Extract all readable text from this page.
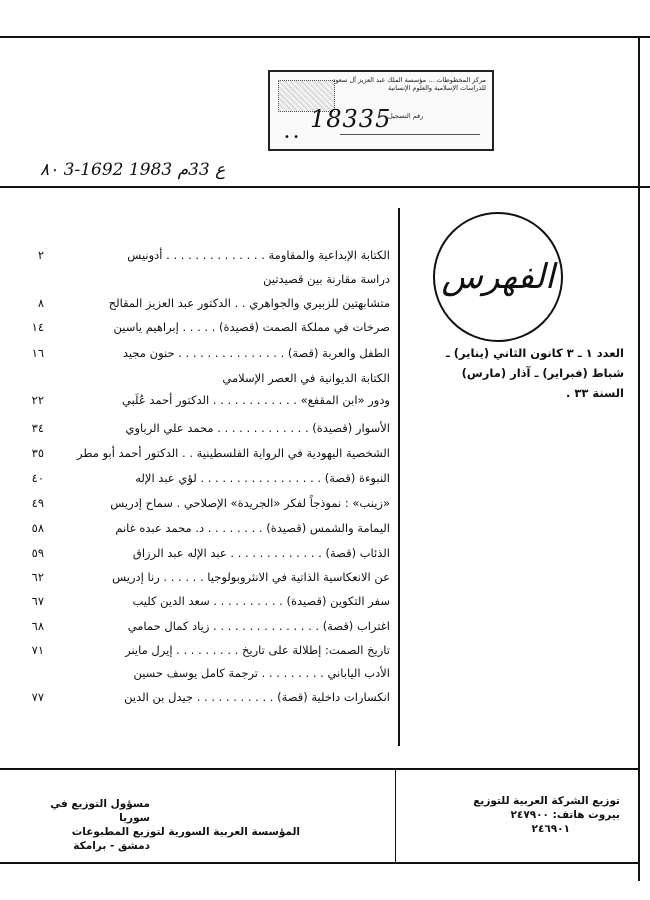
مركز المخطوطات ... مؤسسة الملك عبد العزيز آل سعود للدراسات الإسلامية والعلوم الإنسانية
رقم التسجيل
18335
• •
٨٠ 3-1ع 33م 1983 692
الفهرس
العدد ١ ـ ٣ كانون الثاني (يناير) ـ
شباط (فبراير) ـ آذار (مارس)
السنة ٣٣ .
الكتابة الإبداعية والمقاومة . . . . . . . . . . . . . . أدونيس
٢
دراسة مقارنة بين قصيدتين
متشابهتين للزبيري والجواهري . . الدكتور عبد العزيز المقالح
٨
صرخات في مملكة الصمت (قصيدة) . . . . . إبراهيم ياسين
١٤
الطفل والعربة (قصة) . . . . . . . . . . . . . . . حنون مجيد
١٦
الكتابة الديوانية في العصر الإسلامي
ودور «ابن المقفع» . . . . . . . . . . . . الدكتور أحمد عُلَبي
٢٢
الأسوار (قصيدة) . . . . . . . . . . . . . محمد علي الرباوي
٣٤
الشخصية اليهودية في الرواية الفلسطينية . . الدكتور أحمد أبو مطر
٣٥
النبوءة (قصة) . . . . . . . . . . . . . . . . . لؤي عبد الإله
٤٠
«زينب» : نموذجاً لفكر «الجريدة» الإصلاحي . سماح إدريس
٤٩
اليمامة والشمس (قصيدة) . . . . . . . . د. محمد عبده غانم
٥٨
الذئاب (قصة) . . . . . . . . . . . . . عبد الإله عبد الرزاق
٥٩
عن الانعكاسية الذاتية في الانثروبولوجيا . . . . . . رنا إدريس
٦٢
سفر التكوين (قصيدة) . . . . . . . . . . سعد الدين كليب
٦٧
اغتراب (قصة) . . . . . . . . . . . . . . . زياد كمال حمامي
٦٨
تاريخ الصمت: إطلالة على تاريخ . . . . . . . . . إيرل ماينر
٧١
الأدب الياباني . . . . . . . . . ترجمة كامل يوسف حسين
انكسارات داخلية (قصة) . . . . . . . . . . . جيدل بن الدين
٧٧
توزيع الشركة العربية للتوزيع
بيروت هاتف: ٢٤٧٩٠٠
٢٤٦٩٠١
مسؤول التوزيع في سوريا
المؤسسة العربية السورية لتوزيع المطبوعات
دمشق - برامكة
